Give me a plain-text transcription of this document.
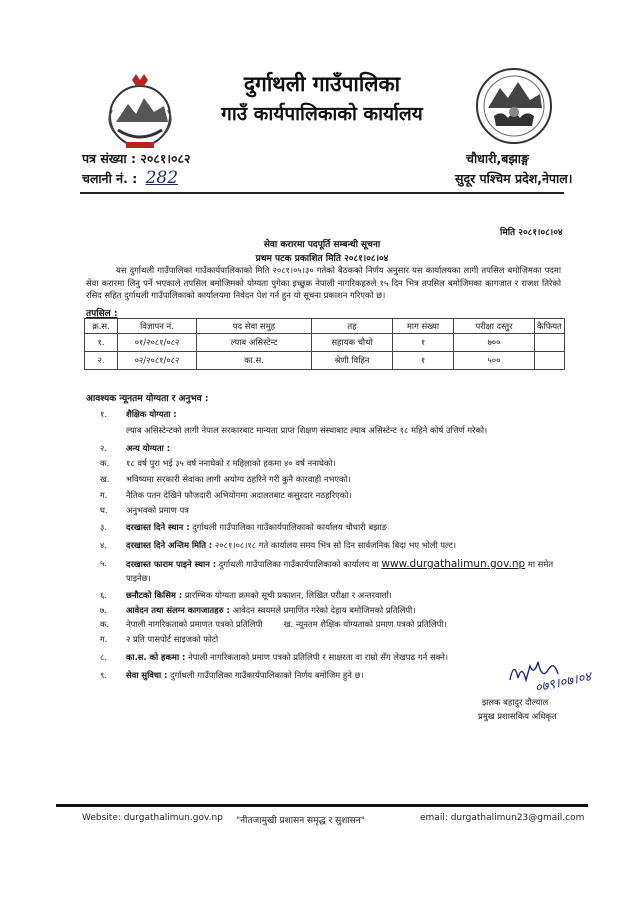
दुर्गाथली गाउँपालिका
गाउँ कार्यपालिकाको कार्यालय
पत्र संख्या : २०८१।०८२
चलानी नं. : 282
चौधारी,बझाङ्ग
सुदूर पश्चिम प्रदेश,नेपाल।
मिति २०८१।०८।०४
सेवा करारमा पदपूर्ति सम्बन्धी सूचना
प्रथम पटक प्रकाशित मिति २०८१।०८।०४
यस दुर्गाथली गाउँपालिका गाउँकार्यपालिकाको मिति २०८१।०५।३० गतेको बैठकको निर्णय अनुसार यस कार्यालयका लागी तपसिल बमोजिमका पदमा सेवा करारमा लिनु पर्ने भएकाले तपसिल बमोजिमको योग्यता पुगेका इच्छुक नेपाली नागरिकहरुले १५ दिन भित्र तपसिल बमोजिमका कागजात र राजश तिरेको रसिद सहित दुर्गाथली गाउँपालिकाको कार्यालयमा निवेदन पेश गर्न हुन यो सूचना प्रकाशन गरिएको छ।
तपसिल :
क्र.स.	विज्ञापन नं.	पद सेवा समुह	तह	माग संख्या	परीक्षा दस्तुर	कैफियत
१.	०१/२०८१/०८२	ल्याब असिस्टेन्ट	सहायक चौथो	१	७००	
२.	०२/२०८१/०८२	का.स.	श्रेणी विहिन	१	५००	
आवश्यक न्यूनतम योग्यता र अनुभव :
१.	शैक्षिक योग्यता :
ल्याब असिस्टेन्टको लागी नेपाल सरकारबाट मान्यता प्राप्त शिक्षण संस्थाबाट ल्याब असिस्टेन्ट १८ महिने कोर्ष उत्तिर्ण गरेको।
२.	अन्य योग्यता :
क.	१८ वर्ष पुरा भई ३५ वर्ष ननाघेको र महिलाको हकमा ४० वर्ष ननाघेको।
ख.	भविष्यमा सरकारी सेवाका लागी अयोग्य ठहरिने गरी कुनै कारवाही नभएको।
ग.	नैतिक पतन देखिने फौजदारी अभियोगमा अदालतबाट कसुरदार नठहरिएको।
घ.	अनुभवको प्रमाण पत्र
३.	दरखास्त दिने स्थान : दुर्गाथली गाउँपालिका गाउँकार्यपालिकाको कार्यालय चौधारी बझाङ
४.	दरखास्त दिने अन्तिम मिति : २०८१।०८।१८ गते कार्यालय समय भित्र सो दिन सार्वजनिक बिदा भए भोली पल्ट।
५.	दरखास्त फाराम पाइने स्थान : दुर्गाथली गाउँपालिका गाउँकार्यपालिकाको कार्यालय वा www.durgathalimun.gov.np मा समेत
पाइनेछ।
६.	छनौटको किसिम : प्रारम्भिक योग्यता क्रमको सूची प्रकाशन, लिखित परीक्षा र अन्तरवार्ता।
७.	आवेदन तथा संलग्न कागजातहरु : आवेदन स्वयमले प्रमाणित गरेको देहाय बमोजिमको प्रतिलिपी।
क.	नेपाली नागरिकताको प्रमाणत पत्रको प्रतिलिपी        ख. न्यूनतम शैक्षिक योग्यताको प्रमाण पत्रको प्रतिलिपी।
ग.	२ प्रति पासपोर्ट साइजको फोटो
८.	का.स. को हकमा : नेपाली नागरिकताको प्रमाण पत्रको प्रतिलिपी र साक्षरता वा राम्रो सँग लेखपढ गर्न सक्ने।
९.	सेवा सुविधा : दुर्गाथली गाउँपालिका गाउँकार्यपालिकाको निर्णय बमोजिम हुने छ।	०७९।०७।०४
झलक बहादुर दौल्याल
प्रमुख प्रशासकिय अधिकृत
Website: durgathalimun.gov.np "नीतजामुखी प्रशासन समृद्ध र सुशासन"	email: durgathalimun23@gmail.com
